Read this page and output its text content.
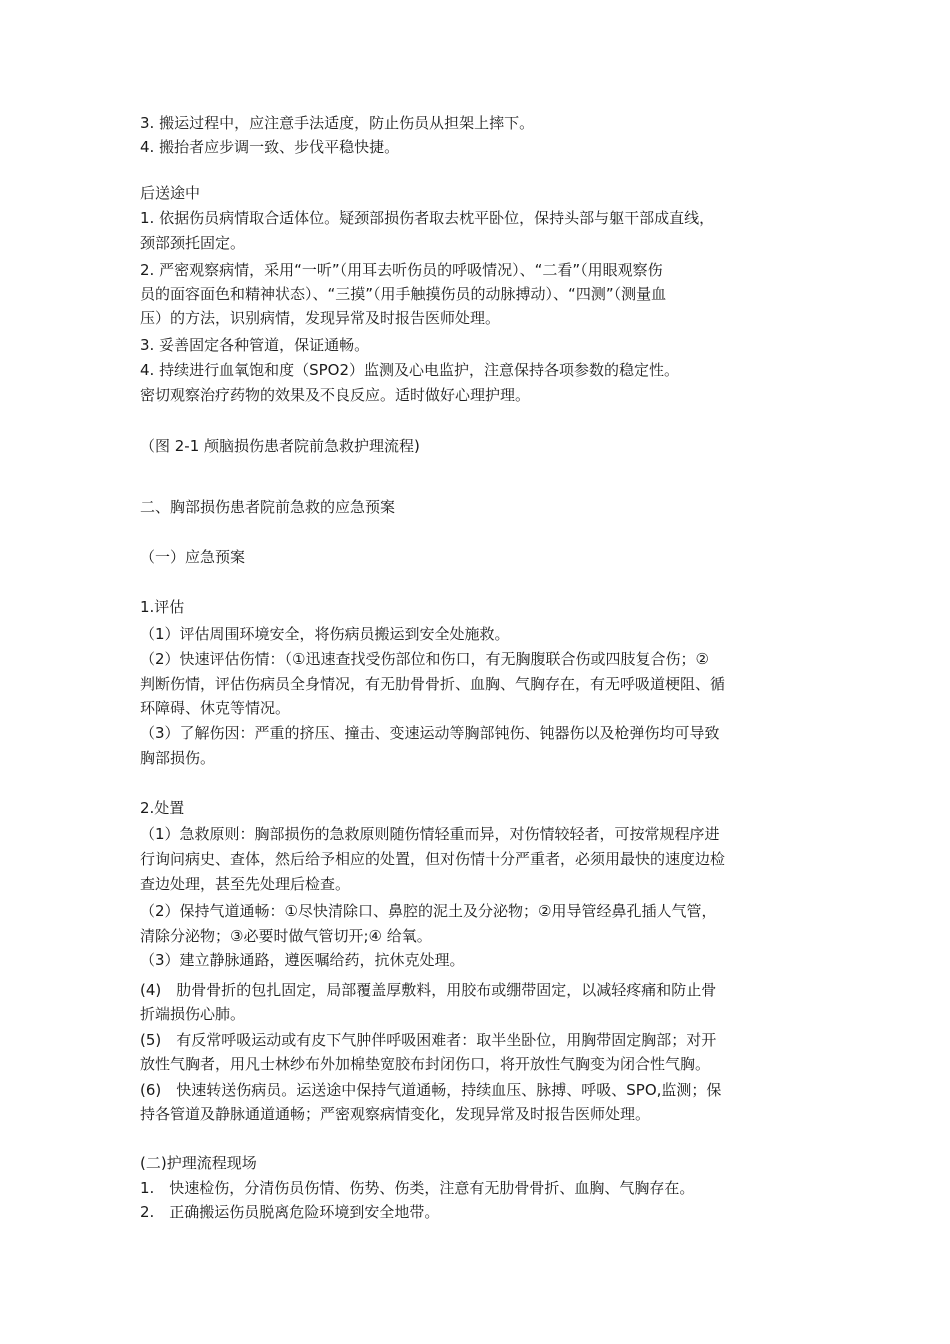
3. 搬运过程中，应注意手法适度，防止伤员从担架上摔下。
4. 搬抬者应步调一致、步伐平稳快捷。
后送途中
1. 依据伤员病情取合适体位。疑颈部损伤者取去枕平卧位，保持头部与躯干部成直线，
颈部颈托固定。
2. 严密观察病情，采用“一听”（用耳去听伤员的呼吸情况）、“二看”（用眼观察伤
员的面容面色和精神状态）、“三摸”（用手触摸伤员的动脉搏动）、“四测”（测量血
压）的方法，识别病情，发现异常及时报告医师处理。
3. 妥善固定各种管道，保证通畅。
4. 持续进行血氧饱和度（SPO2）监测及心电监护，注意保持各项参数的稳定性。
密切观察治疗药物的效果及不良反应。适时做好心理护理。
（图 2-1 颅脑损伤患者院前急救护理流程)
二、胸部损伤患者院前急救的应急预案
（一）应急预案
1.评估
（1）评估周围环境安全，将伤病员搬运到安全处施救。
（2）快速评估伤情：（①迅速查找受伤部位和伤口，有无胸腹联合伤或四肢复合伤；②
判断伤情，评估伤病员全身情况，有无肋骨骨折、血胸、气胸存在，有无呼吸道梗阻、循
环障碍、休克等情况。
（3）了解伤因：严重的挤压、撞击、变速运动等胸部钝伤、钝器伤以及枪弹伤均可导致
胸部损伤。
2.处置
（1）急救原则：胸部损伤的急救原则随伤情轻重而异，对伤情较轻者，可按常规程序进
行询问病史、查体，然后给予相应的处置，但对伤情十分严重者，必须用最快的速度边检
查边处理，甚至先处理后检查。
（2）保持气道通畅：①尽快清除口、鼻腔的泥土及分泌物；②用导管经鼻孔插人气管，
清除分泌物；③必要时做气管切开;④ 给氧。
（3）建立静脉通路，遵医嘱给药，抗休克处理。
(4)　肋骨骨折的包扎固定，局部覆盖厚敷料，用胶布或绷带固定，以减轻疼痛和防止骨
折端损伤心肺。
(5)　有反常呼吸运动或有皮下气肿伴呼吸困难者：取半坐卧位，用胸带固定胸部；对开
放性气胸者，用凡士林纱布外加棉垫宽胶布封闭伤口，将开放性气胸变为闭合性气胸。
(6)　快速转送伤病员。运送途中保持气道通畅，持续血压、脉搏、呼吸、SPO,监测；保
持各管道及静脉通道通畅；严密观察病情变化，发现异常及时报告医师处理。
(二)护理流程现场
1.　快速检伤，分清伤员伤情、伤势、伤类，注意有无肋骨骨折、血胸、气胸存在。
2.　正确搬运伤员脱离危险环境到安全地带。
